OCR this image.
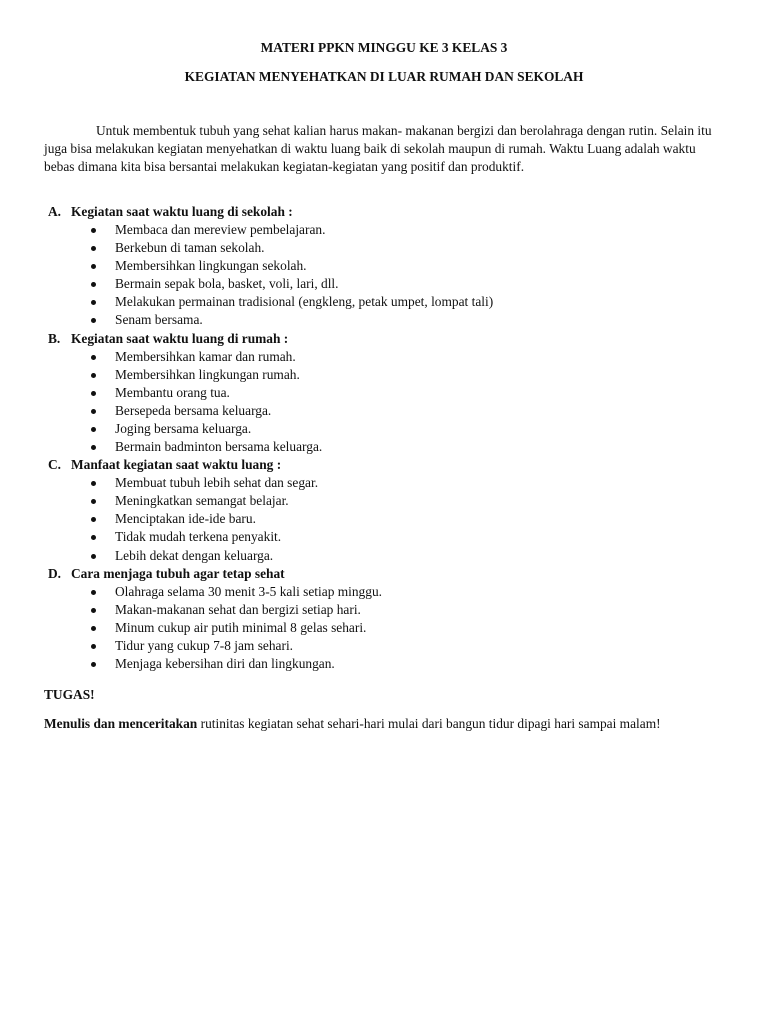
MATERI PPKN MINGGU KE 3 KELAS 3
KEGIATAN MENYEHATKAN DI LUAR RUMAH DAN SEKOLAH
Untuk membentuk tubuh yang sehat kalian harus makan- makanan bergizi dan berolahraga dengan rutin. Selain itu juga bisa melakukan kegiatan menyehatkan di waktu luang baik di sekolah maupun di rumah. Waktu Luang adalah waktu bebas dimana kita bisa bersantai melakukan kegiatan-kegiatan yang positif dan produktif.
A. Kegiatan saat waktu luang di sekolah :
Membaca dan mereview pembelajaran.
Berkebun di taman sekolah.
Membersihkan lingkungan sekolah.
Bermain sepak bola, basket, voli, lari, dll.
Melakukan permainan tradisional (engkleng, petak umpet, lompat tali)
Senam bersama.
B. Kegiatan saat waktu luang di rumah :
Membersihkan kamar dan rumah.
Membersihkan lingkungan rumah.
Membantu orang tua.
Bersepeda bersama keluarga.
Joging bersama keluarga.
Bermain badminton bersama keluarga.
C. Manfaat kegiatan saat waktu luang :
Membuat tubuh lebih sehat dan segar.
Meningkatkan semangat belajar.
Menciptakan ide-ide baru.
Tidak mudah terkena penyakit.
Lebih dekat dengan keluarga.
D. Cara menjaga tubuh agar tetap sehat
Olahraga selama 30 menit 3-5 kali setiap minggu.
Makan-makanan sehat dan bergizi setiap hari.
Minum cukup air putih minimal 8 gelas sehari.
Tidur yang cukup 7-8 jam sehari.
Menjaga kebersihan diri dan lingkungan.
TUGAS!
Menulis dan menceritakan rutinitas kegiatan sehat sehari-hari mulai dari bangun tidur dipagi hari sampai malam!
